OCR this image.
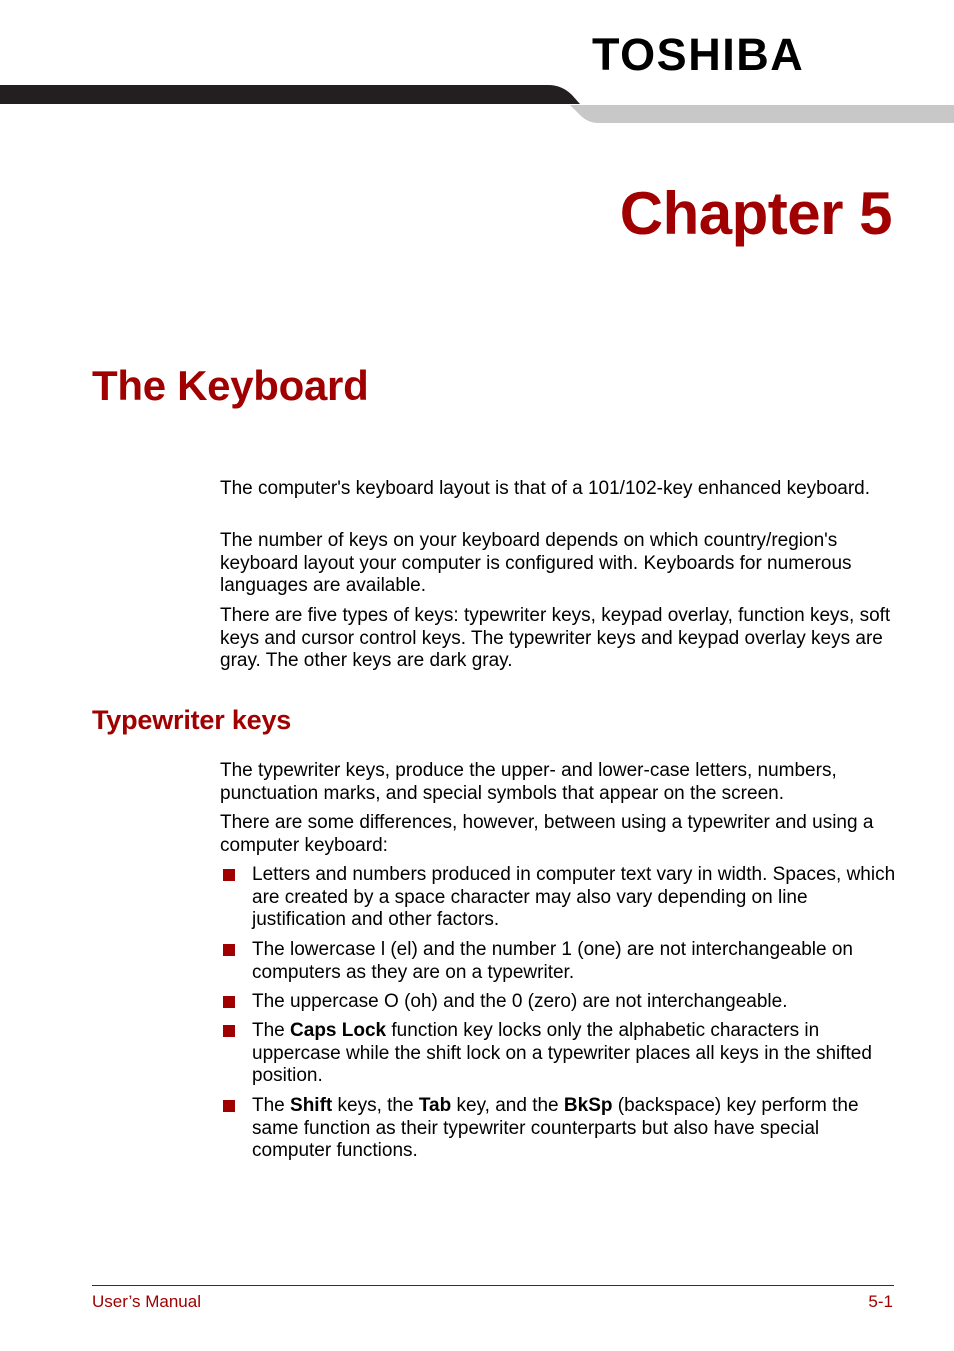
TOSHIBA
Chapter 5
The Keyboard

The computer's keyboard layout is that of a 101/102-key enhanced keyboard.

The number of keys on your keyboard depends on which country/region's keyboard layout your computer is configured with. Keyboards for numerous languages are available.

There are five types of keys: typewriter keys, keypad overlay, function keys, soft keys and cursor control keys. The typewriter keys and keypad overlay keys are gray. The other keys are dark gray.

Typewriter keys

The typewriter keys, produce the upper- and lower-case letters, numbers, punctuation marks, and special symbols that appear on the screen.

There are some differences, however, between using a typewriter and using a computer keyboard:

Letters and numbers produced in computer text vary in width. Spaces, which are created by a space character may also vary depending on line justification and other factors.
The lowercase l (el) and the number 1 (one) are not interchangeable on computers as they are on a typewriter.
The uppercase O (oh) and the 0 (zero) are not interchangeable.
The Caps Lock function key locks only the alphabetic characters in uppercase while the shift lock on a typewriter places all keys in the shifted position.
The Shift keys, the Tab key, and the BkSp (backspace) key perform the same function as their typewriter counterparts but also have special computer functions.
User’s Manual	5-1
